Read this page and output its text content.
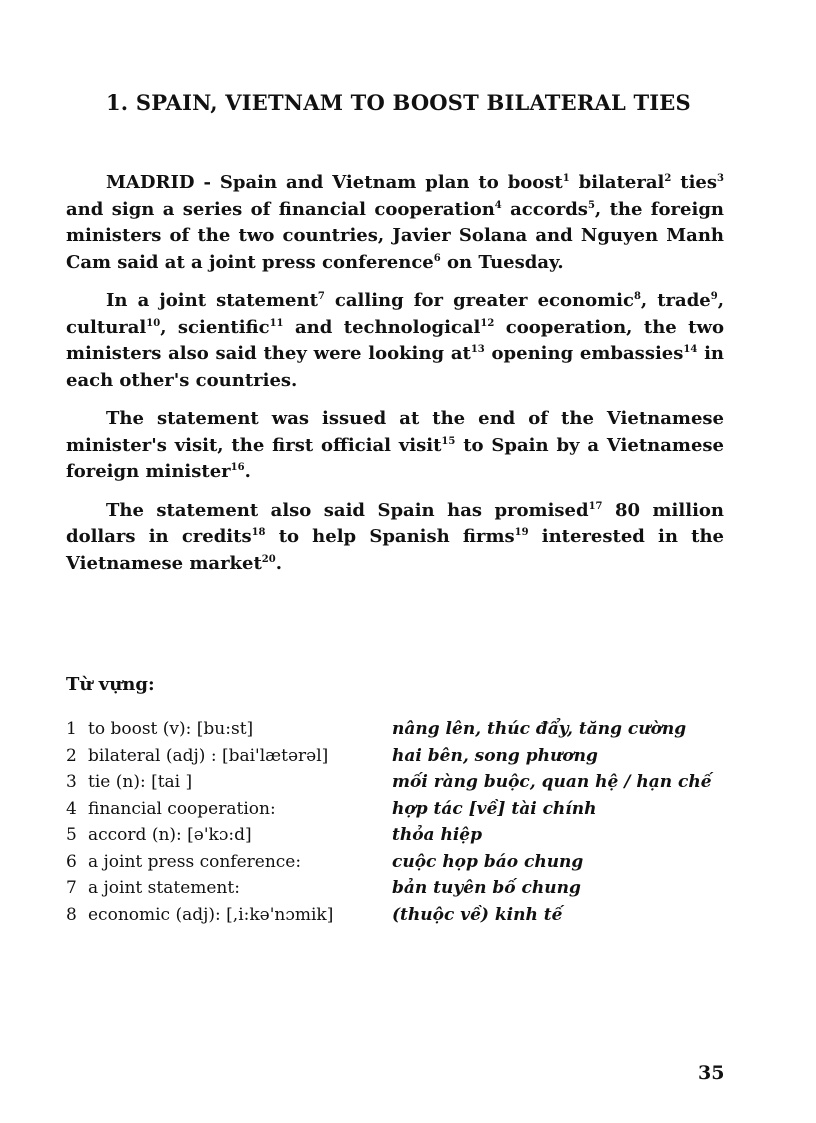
1. SPAIN, VIETNAM TO BOOST BILATERAL TIES

MADRID - Spain and Vietnam plan to boost$^1$ bilateral$^2$ ties$^3$ and sign a series of financial cooperation$^4$ accords$^5$, the foreign ministers of the two countries, Javier Solana and Nguyen Manh Cam said at a joint press conference$^6$ on Tuesday.

In a joint statement$^7$ calling for greater economic$^8$, trade$^9$, cultural$^{10}$, scientific$^{11}$ and technological$^{12}$ cooperation, the two ministers also said they were looking $at^{13}$ opening embassies$^{14}$ in each other's countries.

The statement was issued at the end of the Vietnamese minister's visit, the first official visit$^{15}$ to Spain by a Vietnamese foreign minister$^{16}$.

The statement also said Spain has promised$^{17}$ 80 million dollars in credits$^{18}$ to help Spanish firms$^{19}$ interested in the Vietnamese market$^{20}$.

Từ vựng:
1 to boost (v): [bu:st]	nâng lên, thúc đẩy, tăng cường
2 bilateral (adj) : [bai'lætərəl]	hai bên, song phương
3 tie (n): [tai ]	mối ràng buộc, quan hệ / hạn chế
4 financial cooperation:	hợp tác [về] tài chính
5 accord (n): [ə'kɔ:d]	thỏa hiệp
6 a joint press conference:	cuộc họp báo chung
7 a joint statement:	bản tuyên bố chung
8 economic (adj): [,i:kə'nɔmik]	(thuộc về) kinh tế
35
